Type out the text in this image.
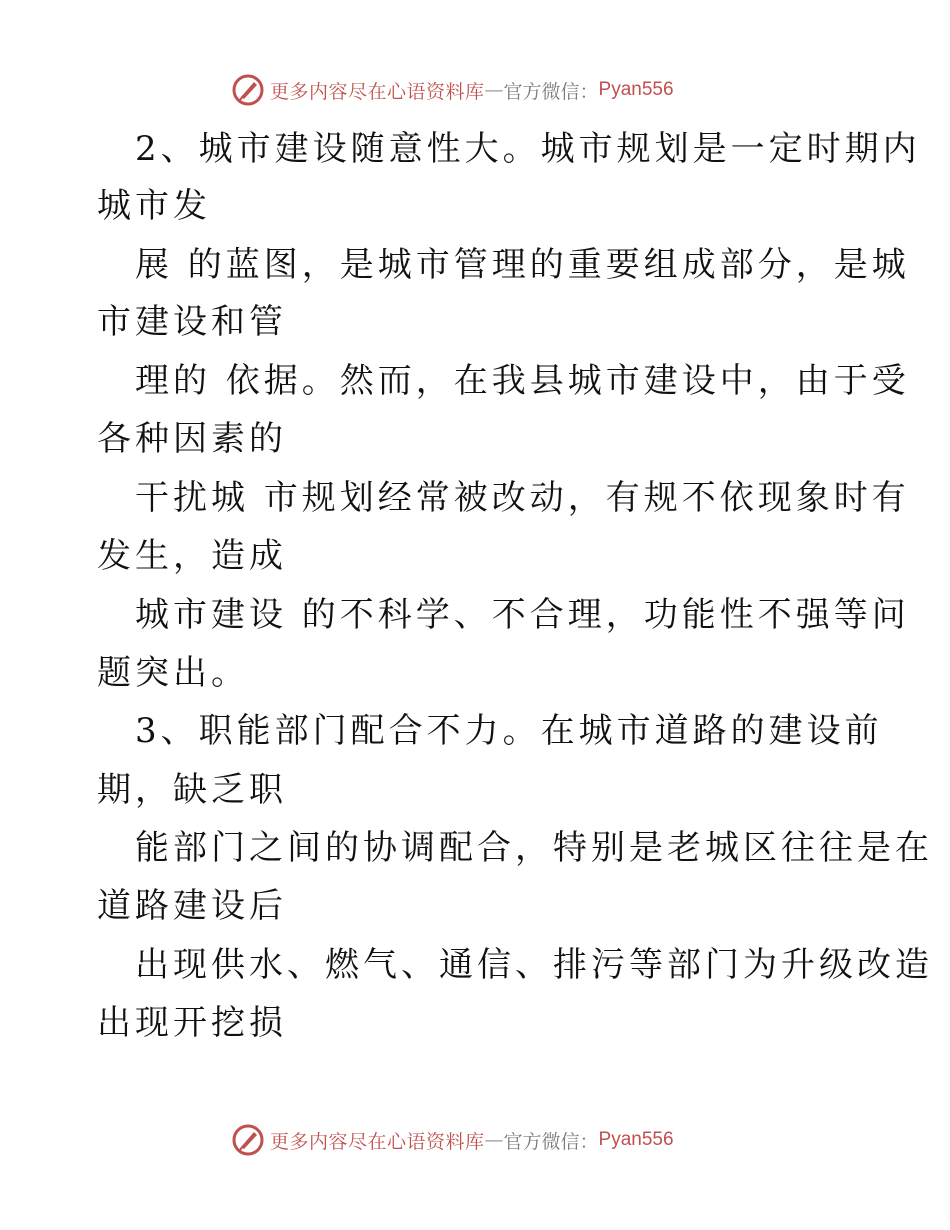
更多内容尽在心语资料库 — 官方微信： Pyan556
2、城市建设随意性大。城市规划是一定时期内
城市发
展 的蓝图，是城市管理的重要组成部分，是城
市建设和管
理的 依据。然而，在我县城市建设中，由于受
各种因素的
干扰城 市规划经常被改动，有规不依现象时有
发生，造成
城市建设 的不科学、不合理，功能性不强等问
题突出。
3、职能部门配合不力。在城市道路的建设前
期，缺乏职
能部门之间的协调配合，特别是老城区往往是在
道路建设后
出现供水、燃气、通信、排污等部门为升级改造
出现开挖损
更多内容尽在心语资料库 — 官方微信： Pyan556
